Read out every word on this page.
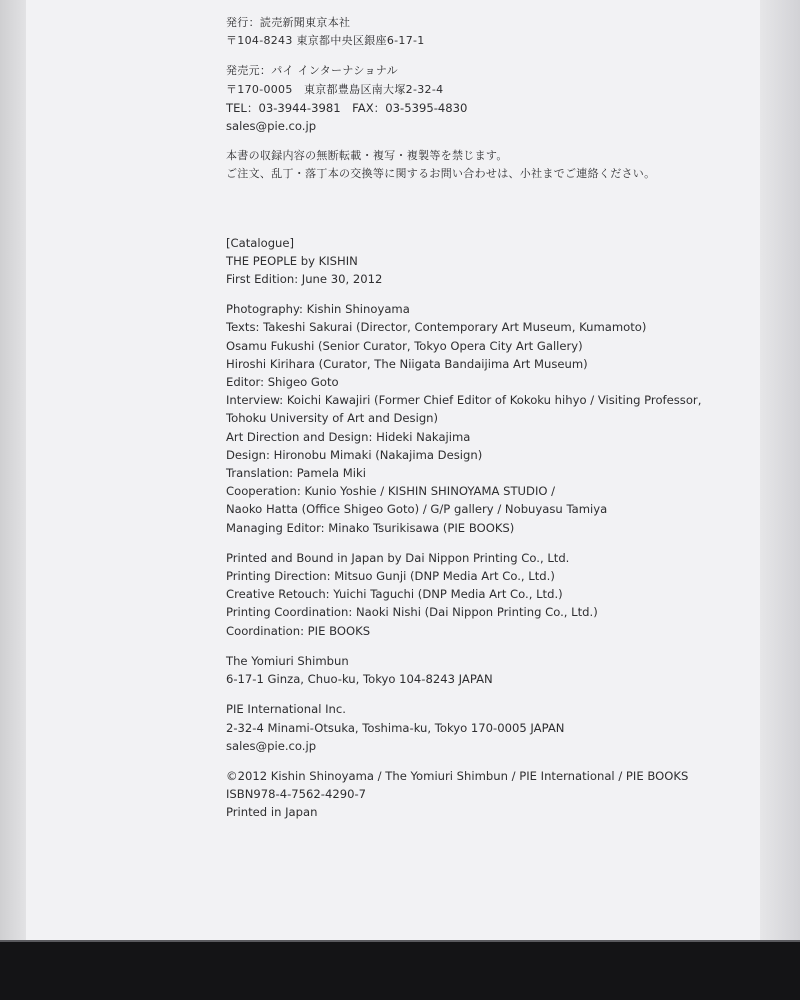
発行：読売新聞東京本社
〒104-8243 東京都中央区銀座6-17-1
発売元：パイ インターナショナル
〒170-0005　東京都豊島区南大塚2-32-4
TEL：03-3944-3981　FAX：03-5395-4830
sales@pie.co.jp
本書の収録内容の無断転載・複写・複製等を禁じます。
ご注文、乱丁・落丁本の交換等に関するお問い合わせは、小社までご連絡ください。
[Catalogue]
THE PEOPLE by KISHIN
First Edition: June 30, 2012
Photography: Kishin Shinoyama
Texts: Takeshi Sakurai (Director, Contemporary Art Museum, Kumamoto)
Osamu Fukushi (Senior Curator, Tokyo Opera City Art Gallery)
Hiroshi Kirihara (Curator, The Niigata Bandaijima Art Museum)
Editor: Shigeo Goto
Interview: Koichi Kawajiri (Former Chief Editor of Kokoku hihyo / Visiting Professor,
Tohoku University of Art and Design)
Art Direction and Design: Hideki Nakajima
Design: Hironobu Mimaki (Nakajima Design)
Translation: Pamela Miki
Cooperation: Kunio Yoshie / KISHIN SHINOYAMA STUDIO /
Naoko Hatta (Office Shigeo Goto) / G/P gallery / Nobuyasu Tamiya
Managing Editor: Minako Tsurikisawa (PIE BOOKS)
Printed and Bound in Japan by Dai Nippon Printing Co., Ltd.
Printing Direction: Mitsuo Gunji (DNP Media Art Co., Ltd.)
Creative Retouch: Yuichi Taguchi (DNP Media Art Co., Ltd.)
Printing Coordination: Naoki Nishi (Dai Nippon Printing Co., Ltd.)
Coordination: PIE BOOKS
The Yomiuri Shimbun
6-17-1 Ginza, Chuo-ku, Tokyo 104-8243 JAPAN
PIE International Inc.
2-32-4 Minami-Otsuka, Toshima-ku, Tokyo 170-0005 JAPAN
sales@pie.co.jp
©2012 Kishin Shinoyama / The Yomiuri Shimbun / PIE International / PIE BOOKS
ISBN978-4-7562-4290-7
Printed in Japan
